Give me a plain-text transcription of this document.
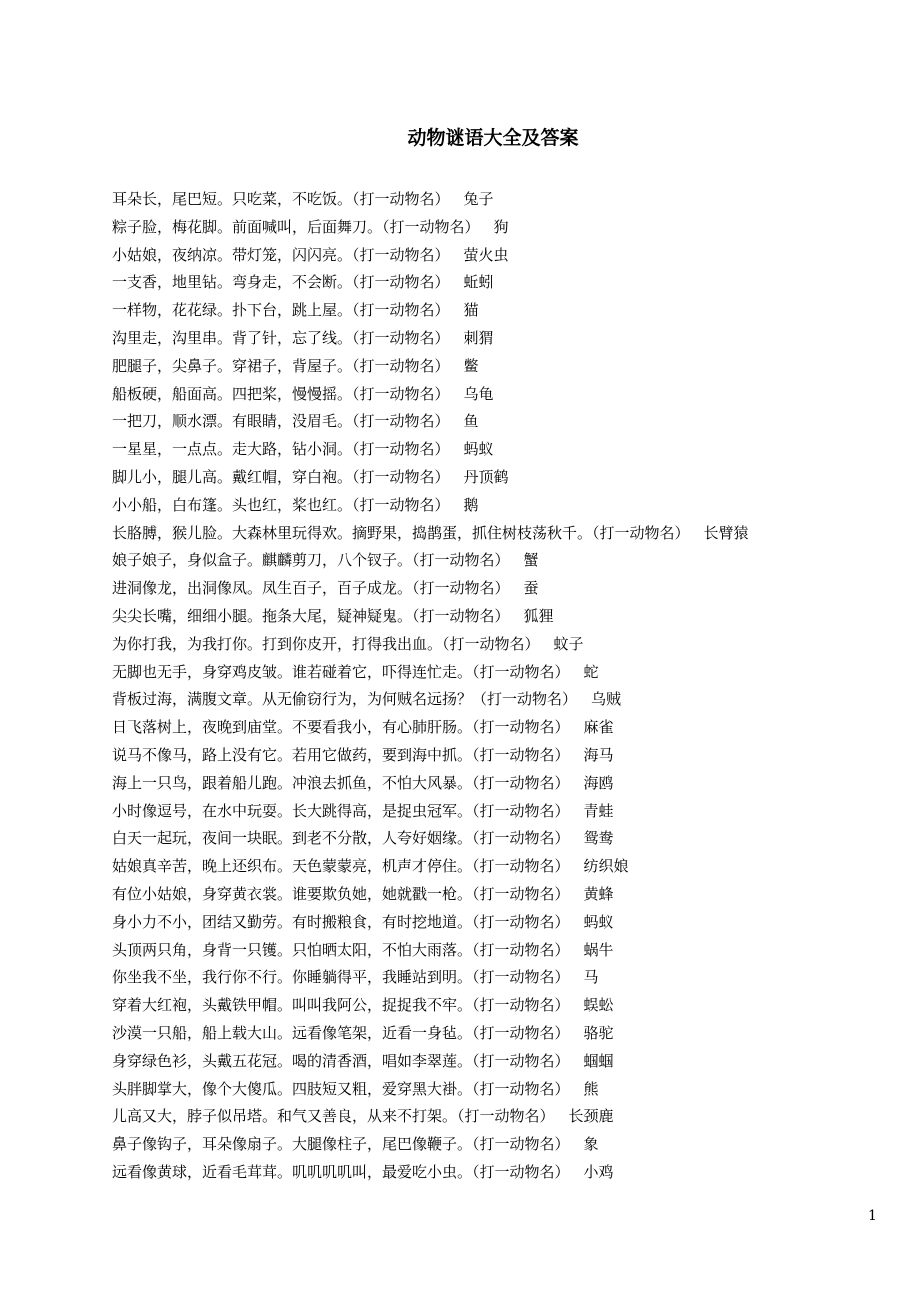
动物谜语大全及答案
耳朵长，尾巴短。只吃菜，不吃饭。（打一动物名） 兔子
粽子脸，梅花脚。前面喊叫，后面舞刀。（打一动物名） 狗
小姑娘，夜纳凉。带灯笼，闪闪亮。（打一动物名） 萤火虫
一支香，地里钻。弯身走，不会断。（打一动物名） 蚯蚓
一样物，花花绿。扑下台，跳上屋。（打一动物名） 猫
沟里走，沟里串。背了针，忘了线。（打一动物名） 刺猬
肥腿子，尖鼻子。穿裙子，背屋子。（打一动物名） 鳖
船板硬，船面高。四把桨，慢慢摇。（打一动物名） 乌龟
一把刀，顺水漂。有眼睛，没眉毛。（打一动物名） 鱼
一星星，一点点。走大路，钻小洞。（打一动物名） 蚂蚁
脚儿小，腿儿高。戴红帽，穿白袍。（打一动物名） 丹顶鹤
小小船，白布篷。头也红，桨也红。（打一动物名） 鹅
长胳膊，猴儿脸。大森林里玩得欢。摘野果，捣鹊蛋，抓住树枝荡秋千。（打一动物名） 长臂猿
娘子娘子，身似盒子。麒麟剪刀，八个钗子。（打一动物名） 蟹
进洞像龙，出洞像凤。凤生百子，百子成龙。（打一动物名） 蚕
尖尖长嘴，细细小腿。拖条大尾，疑神疑鬼。（打一动物名） 狐狸
为你打我，为我打你。打到你皮开，打得我出血。（打一动物名） 蚊子
无脚也无手，身穿鸡皮皱。谁若碰着它，吓得连忙走。（打一动物名） 蛇
背板过海，满腹文章。从无偷窃行为，为何贼名远扬？（打一动物名） 乌贼
日飞落树上，夜晚到庙堂。不要看我小，有心肺肝肠。（打一动物名） 麻雀
说马不像马，路上没有它。若用它做药，要到海中抓。（打一动物名） 海马
海上一只鸟，跟着船儿跑。冲浪去抓鱼，不怕大风暴。（打一动物名） 海鸥
小时像逗号，在水中玩耍。长大跳得高，是捉虫冠军。（打一动物名） 青蛙
白天一起玩，夜间一块眠。到老不分散，人夸好姻缘。（打一动物名） 鸳鸯
姑娘真辛苦，晚上还织布。天色蒙蒙亮，机声才停住。（打一动物名） 纺织娘
有位小姑娘，身穿黄衣裳。谁要欺负她，她就戳一枪。（打一动物名） 黄蜂
身小力不小，团结又勤劳。有时搬粮食，有时挖地道。（打一动物名） 蚂蚁
头顶两只角，身背一只镬。只怕晒太阳，不怕大雨落。（打一动物名） 蜗牛
你坐我不坐，我行你不行。你睡躺得平，我睡站到明。（打一动物名） 马
穿着大红袍，头戴铁甲帽。叫叫我阿公，捉捉我不牢。（打一动物名） 蜈蚣
沙漠一只船，船上载大山。远看像笔架，近看一身毡。（打一动物名） 骆驼
身穿绿色衫，头戴五花冠。喝的清香酒，唱如李翠莲。（打一动物名） 蝈蝈
头胖脚掌大，像个大傻瓜。四肢短又粗，爱穿黑大褂。（打一动物名） 熊
儿高又大，脖子似吊塔。和气又善良，从来不打架。（打一动物名） 长颈鹿
鼻子像钩子，耳朵像扇子。大腿像柱子，尾巴像鞭子。（打一动物名） 象
远看像黄球，近看毛茸茸。叽叽叽叽叫，最爱吃小虫。（打一动物名） 小鸡
1
